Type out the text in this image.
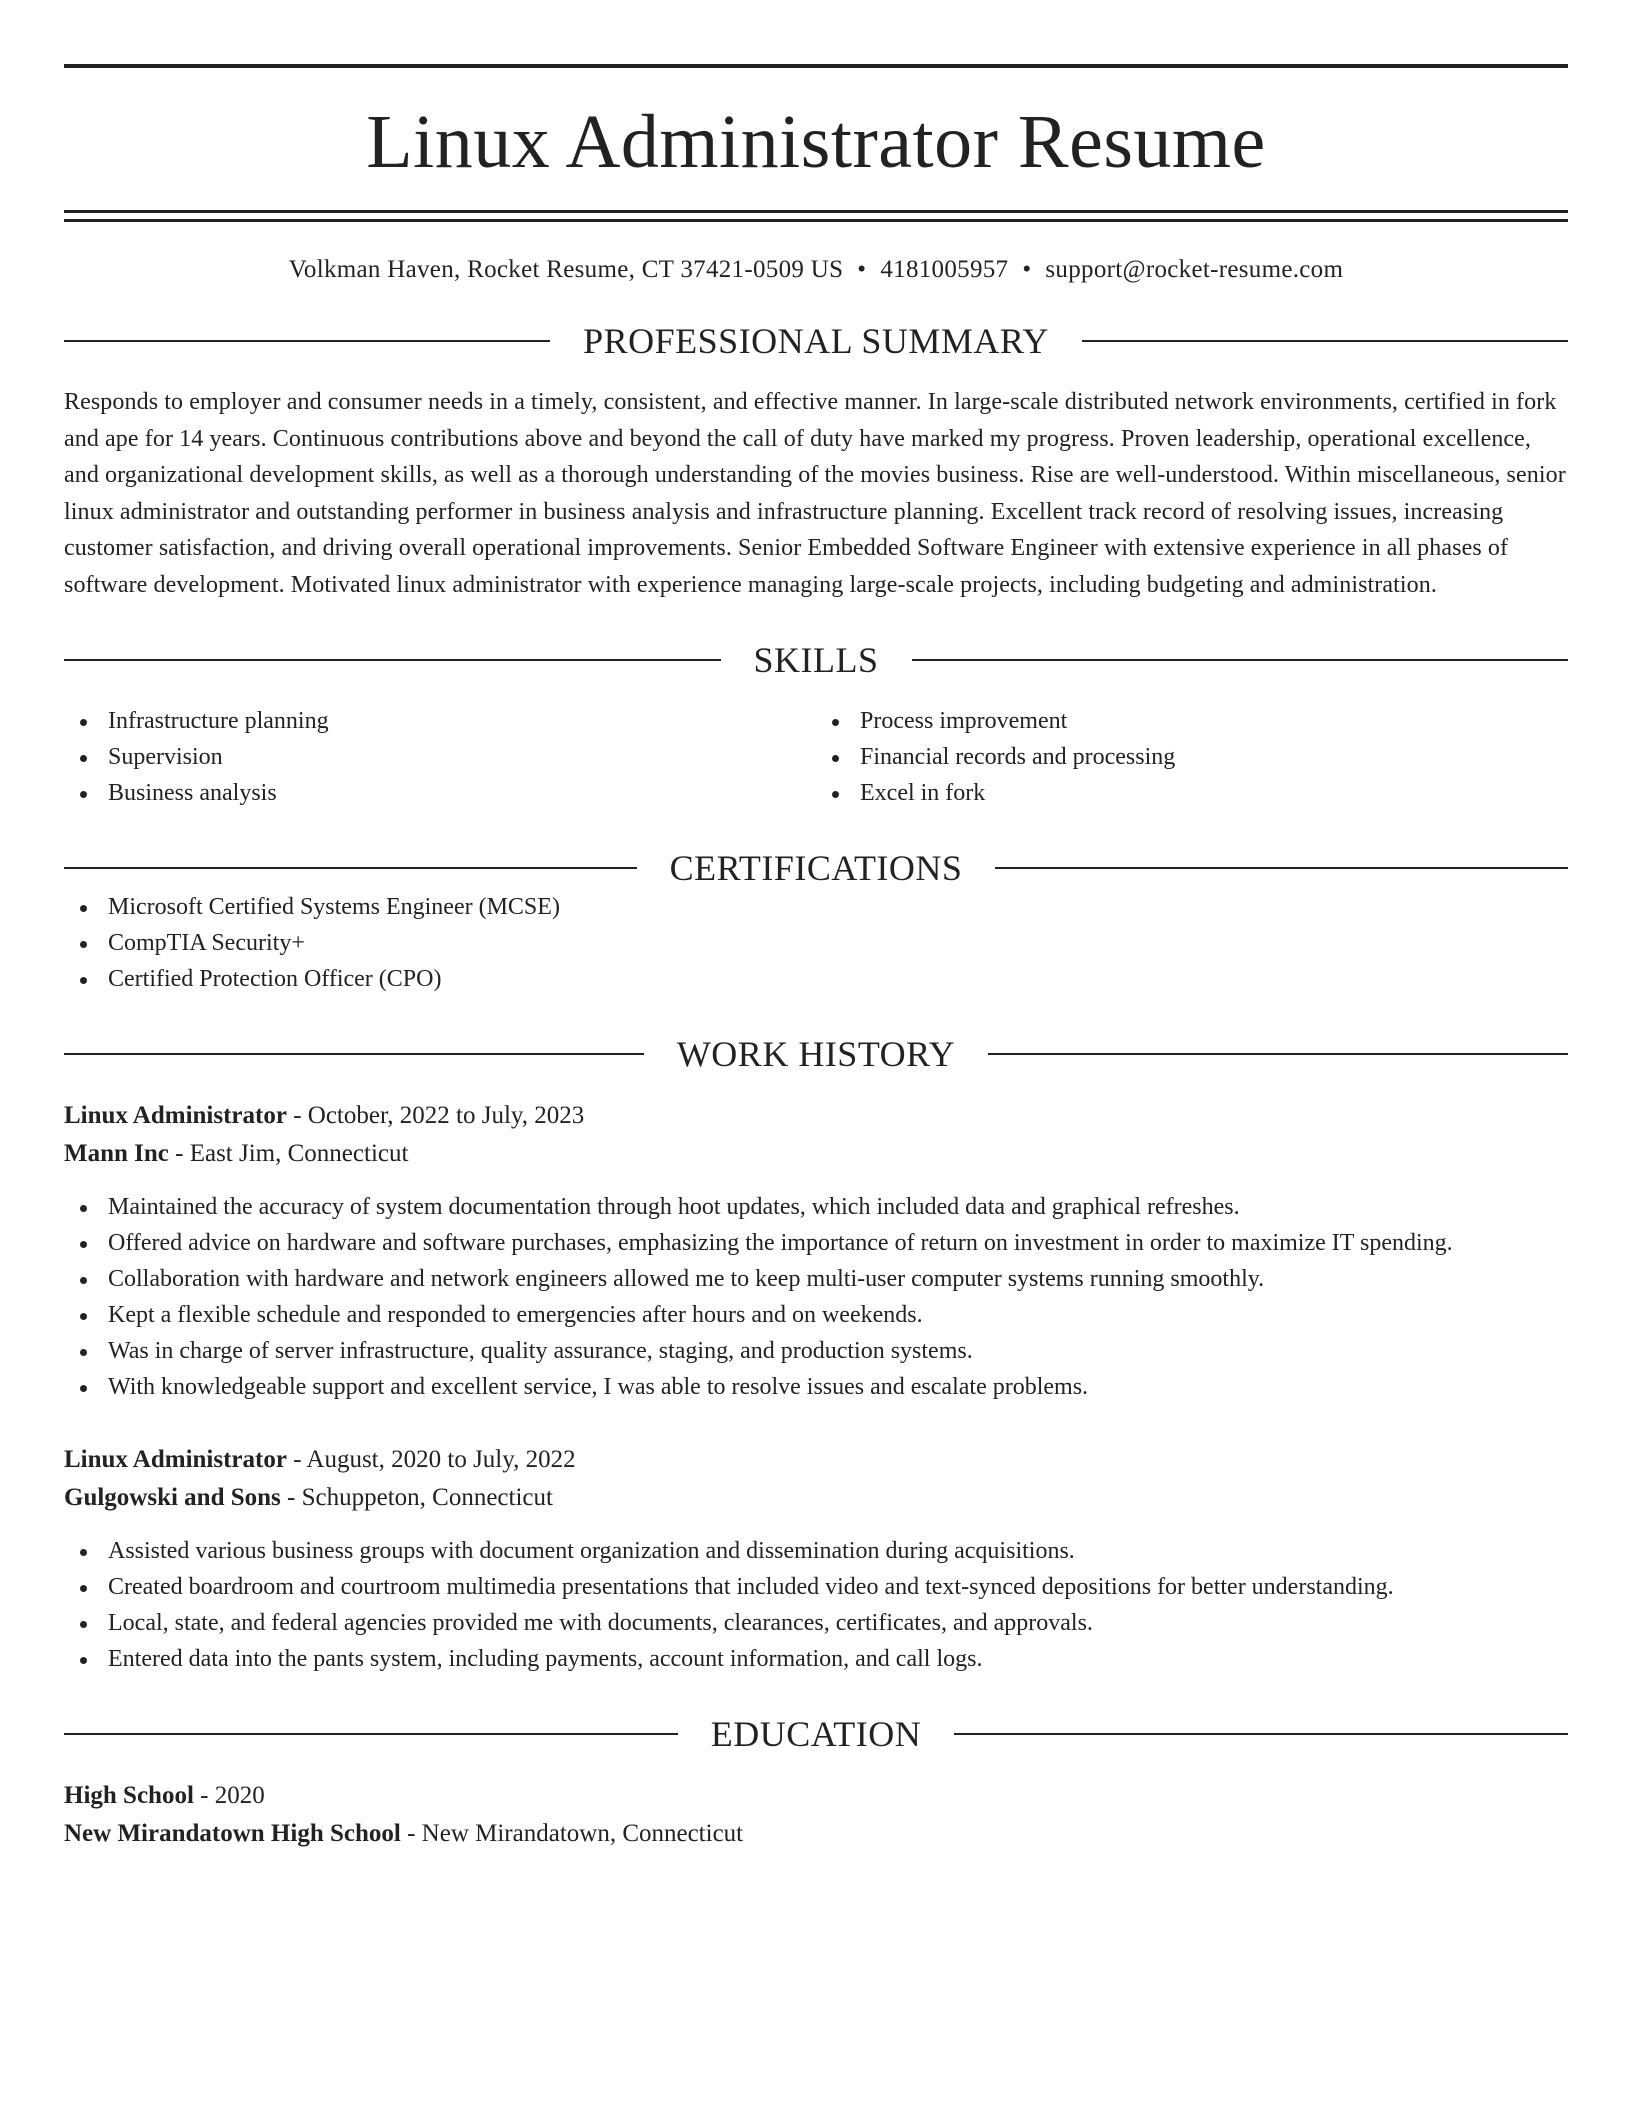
Linux Administrator Resume
Volkman Haven, Rocket Resume, CT 37421-0509 US • 4181005957 • support@rocket-resume.com
PROFESSIONAL SUMMARY

Responds to employer and consumer needs in a timely, consistent, and effective manner. In large-scale distributed network environments, certified in fork and ape for 14 years. Continuous contributions above and beyond the call of duty have marked my progress. Proven leadership, operational excellence, and organizational development skills, as well as a thorough understanding of the movies business. Rise are well-understood. Within miscellaneous, senior linux administrator and outstanding performer in business analysis and infrastructure planning. Excellent track record of resolving issues, increasing customer satisfaction, and driving overall operational improvements. Senior Embedded Software Engineer with extensive experience in all phases of software development. Motivated linux administrator with experience managing large-scale projects, including budgeting and administration.

SKILLS
Infrastructure planning
Supervision
Business analysis
Process improvement
Financial records and processing
Excel in fork
CERTIFICATIONS
Microsoft Certified Systems Engineer (MCSE)
CompTIA Security+
Certified Protection Officer (CPO)
WORK HISTORY
Linux Administrator - October, 2022 to July, 2023
Mann Inc - East Jim, Connecticut
Maintained the accuracy of system documentation through hoot updates, which included data and graphical refreshes.
Offered advice on hardware and software purchases, emphasizing the importance of return on investment in order to maximize IT spending.
Collaboration with hardware and network engineers allowed me to keep multi-user computer systems running smoothly.
Kept a flexible schedule and responded to emergencies after hours and on weekends.
Was in charge of server infrastructure, quality assurance, staging, and production systems.
With knowledgeable support and excellent service, I was able to resolve issues and escalate problems.
Linux Administrator - August, 2020 to July, 2022
Gulgowski and Sons - Schuppeton, Connecticut
Assisted various business groups with document organization and dissemination during acquisitions.
Created boardroom and courtroom multimedia presentations that included video and text-synced depositions for better understanding.
Local, state, and federal agencies provided me with documents, clearances, certificates, and approvals.
Entered data into the pants system, including payments, account information, and call logs.
EDUCATION
High School - 2020
New Mirandatown High School - New Mirandatown, Connecticut
